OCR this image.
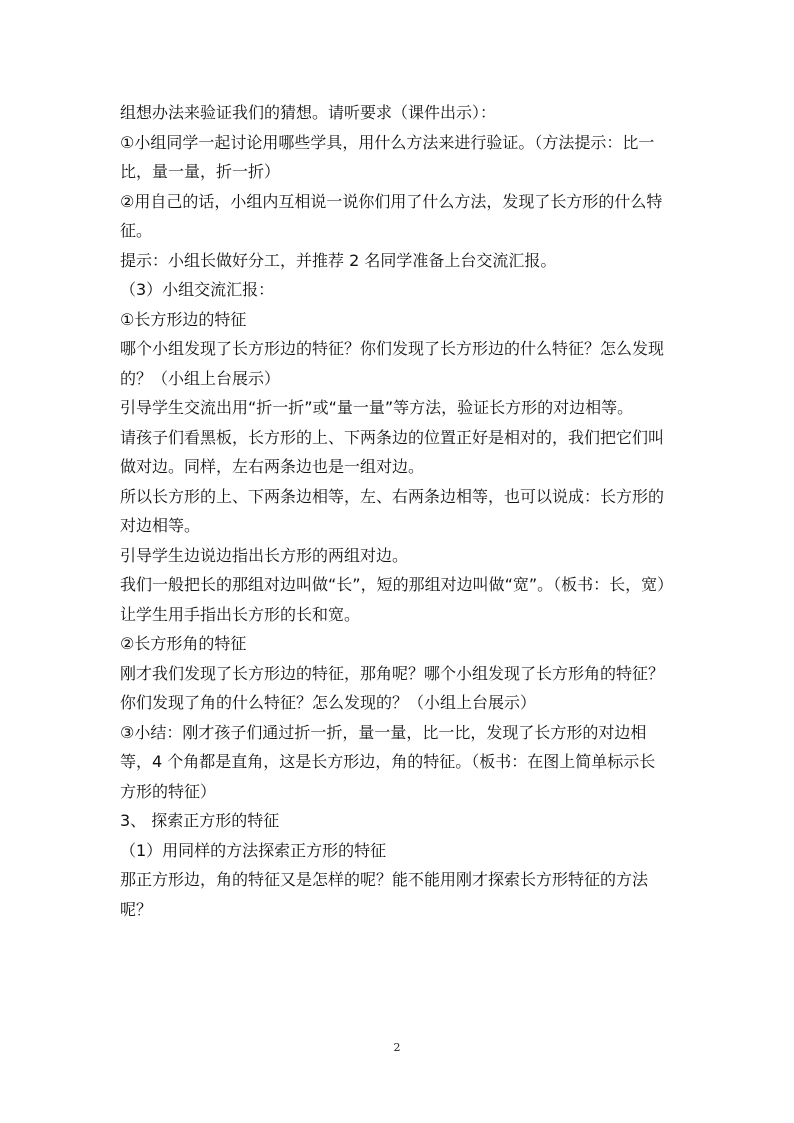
组想办法来验证我们的猜想。请听要求（课件出示）：

①小组同学一起讨论用哪些学具，用什么方法来进行验证。（方法提示：比一比，量一量，折一折）

②用自己的话，小组内互相说一说你们用了什么方法，发现了长方形的什么特征。

提示：小组长做好分工，并推荐 2 名同学准备上台交流汇报。

（3）小组交流汇报：

①长方形边的特征

哪个小组发现了长方形边的特征？你们发现了长方形边的什么特征？怎么发现的？（小组上台展示）

引导学生交流出用“折一折”或“量一量”等方法，验证长方形的对边相等。

请孩子们看黑板，长方形的上、下两条边的位置正好是相对的，我们把它们叫做对边。同样，左右两条边也是一组对边。

所以长方形的上、下两条边相等，左、右两条边相等，也可以说成：长方形的对边相等。

引导学生边说边指出长方形的两组对边。

我们一般把长的那组对边叫做“长”，短的那组对边叫做“宽”。（板书：长，宽）

让学生用手指出长方形的长和宽。

②长方形角的特征

刚才我们发现了长方形边的特征，那角呢？哪个小组发现了长方形角的特征？你们发现了角的什么特征？怎么发现的？（小组上台展示）

③小结：刚才孩子们通过折一折，量一量，比一比，发现了长方形的对边相等，4 个角都是直角，这是长方形边，角的特征。（板书：在图上简单标示长方形的特征）

3、 探索正方形的特征

（1）用同样的方法探索正方形的特征

那正方形边，角的特征又是怎样的呢？能不能用刚才探索长方形特征的方法呢？

2
